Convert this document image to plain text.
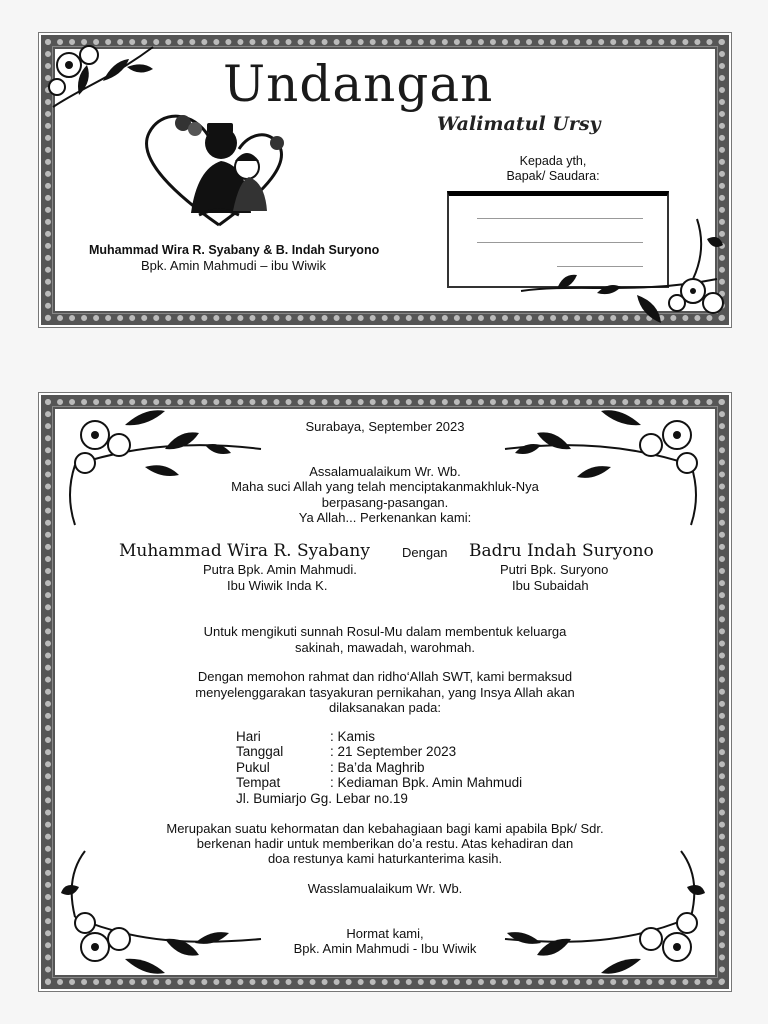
Undangan
Walimatul Ursy
Kepada yth,
Bapak/ Saudara:
Muhammad Wira R. Syabany & B. Indah Suryono
Bpk. Amin Mahmudi – ibu Wiwik
Surabaya, September 2023
Assalamualaikum Wr. Wb.
Maha suci Allah yang telah menciptakanmakhluk-Nya
berpasang-pasangan.
Ya Allah... Perkenankan kami:
Muhammad Wira R. Syabany Dengan Badru Indah Suryono
Putra Bpk. Amin Mahmudi.
Ibu Wiwik Inda K.
Putri Bpk. Suryono
Ibu Subaidah
Untuk mengikuti sunnah Rosul-Mu dalam membentuk keluarga
sakinah, mawadah, warohmah.
Dengan memohon rahmat dan ridho‘Allah SWT, kami bermaksud
menyelenggarakan tasyakuran pernikahan, yang Insya Allah akan
dilaksanakan pada:
Hari	: Kamis
Tanggal	: 21 September 2023
Pukul	: Ba’da Maghrib
Tempat	: Kediaman Bpk. Amin Mahmudi
Jl. Bumiarjo Gg. Lebar no.19
Merupakan suatu kehormatan dan kebahagiaan bagi kami apabila Bpk/ Sdr.
berkenan hadir untuk memberikan do’a restu. Atas kehadiran dan
doa restunya kami haturkanterima kasih.
Wasslamualaikum Wr. Wb.
Hormat kami,
Bpk. Amin Mahmudi - Ibu Wiwik
